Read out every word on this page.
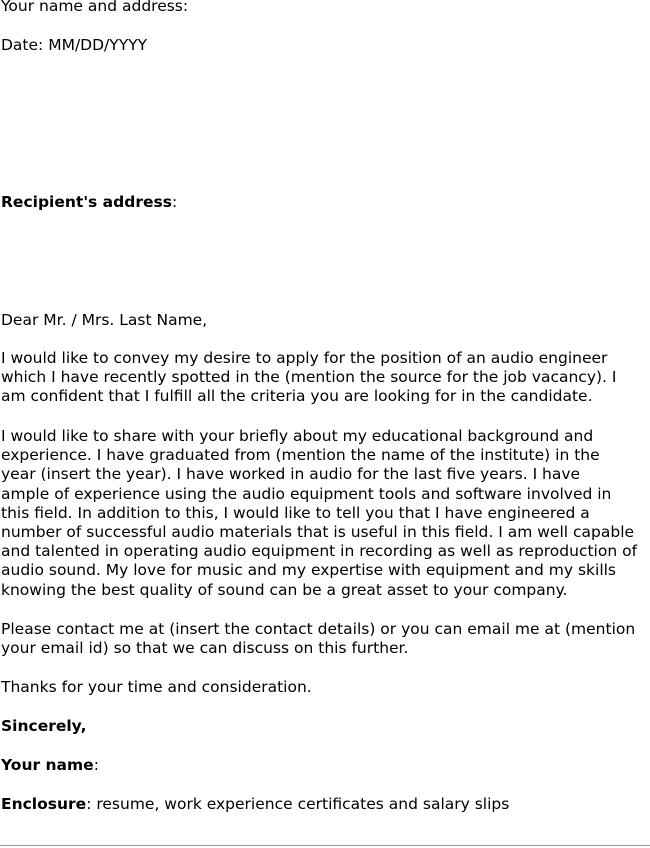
Your name and address:
Date: MM/DD/YYYY
Recipient's address:
Dear Mr. / Mrs. Last Name,
I would like to convey my desire to apply for the position of an audio engineer
which I have recently spotted in the (mention the source for the job vacancy). I
am confident that I fulfill all the criteria you are looking for in the candidate.
I would like to share with your briefly about my educational background and
experience. I have graduated from (mention the name of the institute) in the
year (insert the year). I have worked in audio for the last five years. I have
ample of experience using the audio equipment tools and software involved in
this field. In addition to this, I would like to tell you that I have engineered a
number of successful audio materials that is useful in this field. I am well capable
and talented in operating audio equipment in recording as well as reproduction of
audio sound. My love for music and my expertise with equipment and my skills
knowing the best quality of sound can be a great asset to your company.
Please contact me at (insert the contact details) or you can email me at (mention
your email id) so that we can discuss on this further.
Thanks for your time and consideration.
Sincerely,
Your name:
Enclosure: resume, work experience certificates and salary slips
